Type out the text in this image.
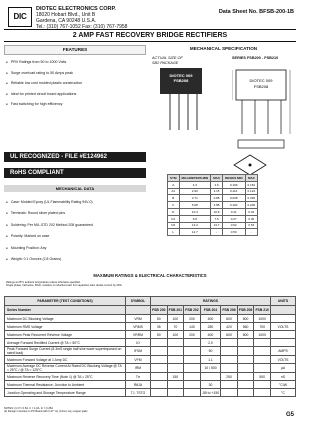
DIC
DIOTEC ELECTRONICS CORP.
18020 Hobart Blvd., Unit B
Gardena, CA 90248 U.S.A.
Tel.: (310) 767-1052 Fax: (310) 767-7958
Data Sheet No. BFSB-200-1B
2 AMP FAST RECOVERY BRIDGE RECTIFIERS
FEATURES
● PRV Ratings from 50 to 1000 Volts
● Surge overload rating to 50 Amps peak
● Reliable low cost molded plastic construction
● Ideal for printed circuit board applications
● Fast switching for high efficiency
UL RECOGNIZED - FILE #E124962
RoHS COMPLIANT
MECHANICAL DATA
● Case: Molded Epoxy (UL Flammability Rating 94V-0)
● Terminals: Round silver plated pins
● Soldering: Per MIL-STD 202 Method 208 guaranteed
● Polarity: Marked on case
● Mounting Position: Any
● Weight: 0.1 Ounces (2.8 Grams)
MECHANICAL SPECIFICATION
ACTUAL SIZE OF
SB2 PACKAGE
SERIES FSB200 - FSB210
DIOTEC 009
FSB208	DIOTEC 009
FSB208
SYM	MILLIMETERS MIN	MAX	INCHES MIN	MAX
A	4.3	4.6	0.169	0.181
A1	2.90	3.15	0.114	0.124
B	2.71	0.88	0.028	0.035
C	5.08	4.88	0.190	0.200
D	10.3	10.8	0.41	0.42
D1	6.8	7.6	0.27	0.30
D2	13.2	13.7	0.52	0.54
L	12.7	-	0.50	-
MAXIMUM RATINGS & ELECTRICAL CHARACTERISTICS
Ratings at 25°C ambient temperature unless otherwise specified.
Single phase, half wave, 60Hz, resistive or inductive load. For capacitive load, derate current by 20%.
PARAMETER (TEST CONDITIONS)	SYMBOL	RATINGS							UNITS
Series Number		FSB 200	FSB 201	FSB 202	FSB 204	FSB 206	FSB 208	FSB 210	
Maximum DC Blocking Voltage	VRM	50	100	200	400	600	800	1000	
Maximum RMS Voltage	VRMS	35	70	140	280	420	560	700	VOLTS
Maximum Peak Recurrent Reverse Voltage	VRRM	50	100	200	400	600	800	1000	
Average Forward Rectified Current @ TA = 50°C	IO				2.0				
Peak Forward Surge Current (8.3mS single half sine wave superimposed on rated load)	IFSM				50				AMPS
Maximum Forward Voltage at 1 Amp DC	VFM				1.1				VOLTS
Maximum Average DC Reverse Current At Rated DC Blocking Voltage @ TA = 25°C / @ TA = 125°C	IRM				10 / 500				µA
Maximum Reverse Recovery Time (Note 1) @ TA = 25°C	Trr		150			250		500	nS
Maximum Thermal Resistance, Junction to Ambient	RθJA				30				°C/W
Junction Operating and Storage Temperature Range	TJ, TSTG				-55 to +150				°C
NOTES: (1) If = 0.5A, Ir = 1.0A, Irr = 0.25A
(2) Design mounted on PC Board with 0.47" sq. (12mm sq.) copper pads
G5
